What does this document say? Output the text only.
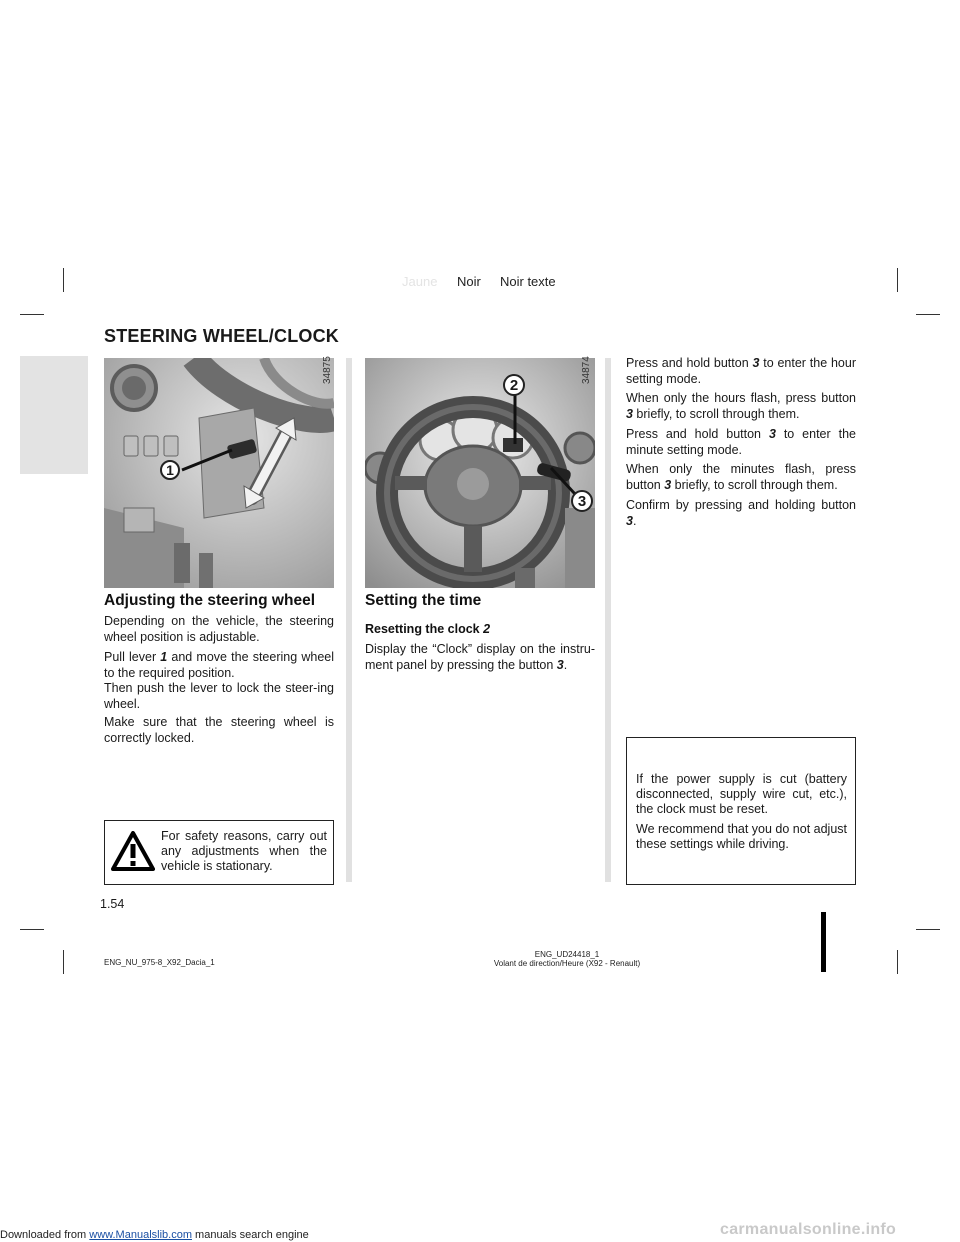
Jaune Noir Noir texte
STEERING WHEEL/CLOCK
1
34875
2
3
34874
Adjusting the steering wheel
Depending on the vehicle, the steering wheel position is adjustable.
Pull lever 1 and move the steering wheel to the required position.
Then push the lever to lock the steer-ing wheel.
Make sure that the steering wheel is correctly locked.
For safety reasons, carry out any adjustments when the vehicle is stationary.
Setting the time
Resetting the clock 2
Display the “Clock” display on the instru-ment panel by pressing the button 3.
Press and hold button 3 to enter the hour setting mode.
When only the hours flash, press button 3 briefly, to scroll through them.
Press and hold button 3 to enter the minute setting mode.
When only the minutes flash, press button 3 briefly, to scroll through them.
Confirm by pressing and holding button 3.
If the power supply is cut (battery disconnected, supply wire cut, etc.), the clock must be reset.
We recommend that you do not adjust these settings while driving.
1.54
ENG_NU_975-8_X92_Dacia_1
ENG_UD24418_1
Volant de direction/Heure (X92 - Renault)
Downloaded from www.Manualslib.com manuals search engine	carmanualsonline.info
